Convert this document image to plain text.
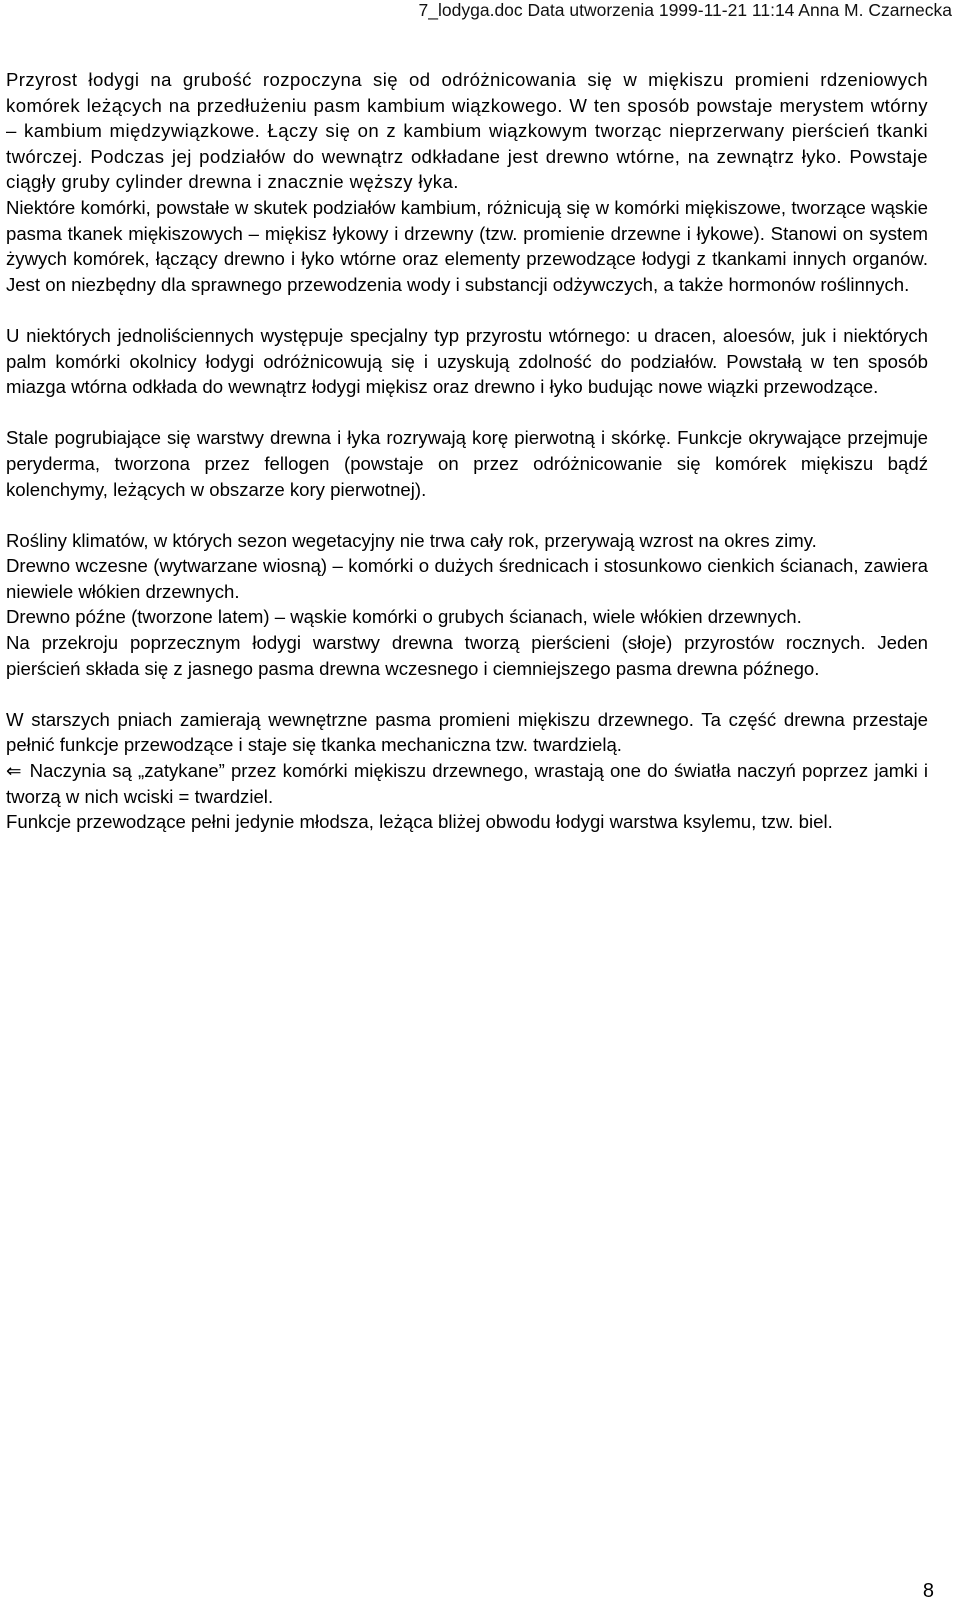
7_lodyga.doc Data utworzenia 1999-11-21 11:14 Anna M. Czarnecka

Przyrost łodygi na grubość rozpoczyna się od odróżnicowania się w miękiszu promieni rdzeniowych komórek leżących na przedłużeniu pasm kambium wiązkowego. W ten sposób powstaje merystem wtórny – kambium międzywiązkowe. Łączy się on z kambium wiązkowym tworząc nieprzerwany pierścień tkanki twórczej. Podczas jej podziałów do wewnątrz odkładane jest drewno wtórne, na zewnątrz łyko. Powstaje ciągły gruby cylinder drewna i znacznie węższy łyka.

Niektóre komórki, powstałe w skutek podziałów kambium, różnicują się w komórki miękiszowe, tworzące wąskie pasma tkanek miękiszowych – miękisz łykowy i drzewny (tzw. promienie drzewne i łykowe). Stanowi on system żywych komórek, łączący drewno i łyko wtórne oraz elementy przewodzące łodygi z tkankami innych organów. Jest on niezbędny dla sprawnego przewodzenia wody i substancji odżywczych, a także hormonów roślinnych.

U niektórych jednoliściennych występuje specjalny typ przyrostu wtórnego: u dracen, aloesów, juk i niektórych palm komórki okolnicy łodygi odróżnicowują się i uzyskują zdolność do podziałów. Powstałą w ten sposób miazga wtórna odkłada do wewnątrz łodygi miękisz oraz drewno i łyko budując nowe wiązki przewodzące.

Stale pogrubiające się warstwy drewna i łyka rozrywają korę pierwotną i skórkę. Funkcje okrywające przejmuje peryderma, tworzona przez fellogen (powstaje on przez odróżnicowanie się komórek miękiszu bądź kolenchymy, leżących w obszarze kory pierwotnej).

Rośliny klimatów, w których sezon wegetacyjny nie trwa cały rok, przerywają wzrost na okres zimy.

Drewno wczesne (wytwarzane wiosną) – komórki o dużych średnicach i stosunkowo cienkich ścianach, zawiera niewiele włókien drzewnych.

Drewno późne (tworzone latem) – wąskie komórki o grubych ścianach, wiele włókien drzewnych.

Na przekroju poprzecznym łodygi warstwy drewna tworzą pierścieni (słoje) przyrostów rocznych. Jeden pierścień składa się z jasnego pasma drewna wczesnego i ciemniejszego pasma drewna późnego.

W starszych pniach zamierają wewnętrzne pasma promieni miękiszu drzewnego. Ta część drewna przestaje pełnić funkcje przewodzące i staje się tkanka mechaniczna tzw. twardzielą.

⇐ Naczynia są „zatykane” przez komórki miękiszu drzewnego, wrastają one do światła naczyń poprzez jamki i tworzą w nich wciski = twardziel.

Funkcje przewodzące pełni jedynie młodsza, leżąca bliżej obwodu łodygi warstwa ksylemu, tzw. biel.

8
